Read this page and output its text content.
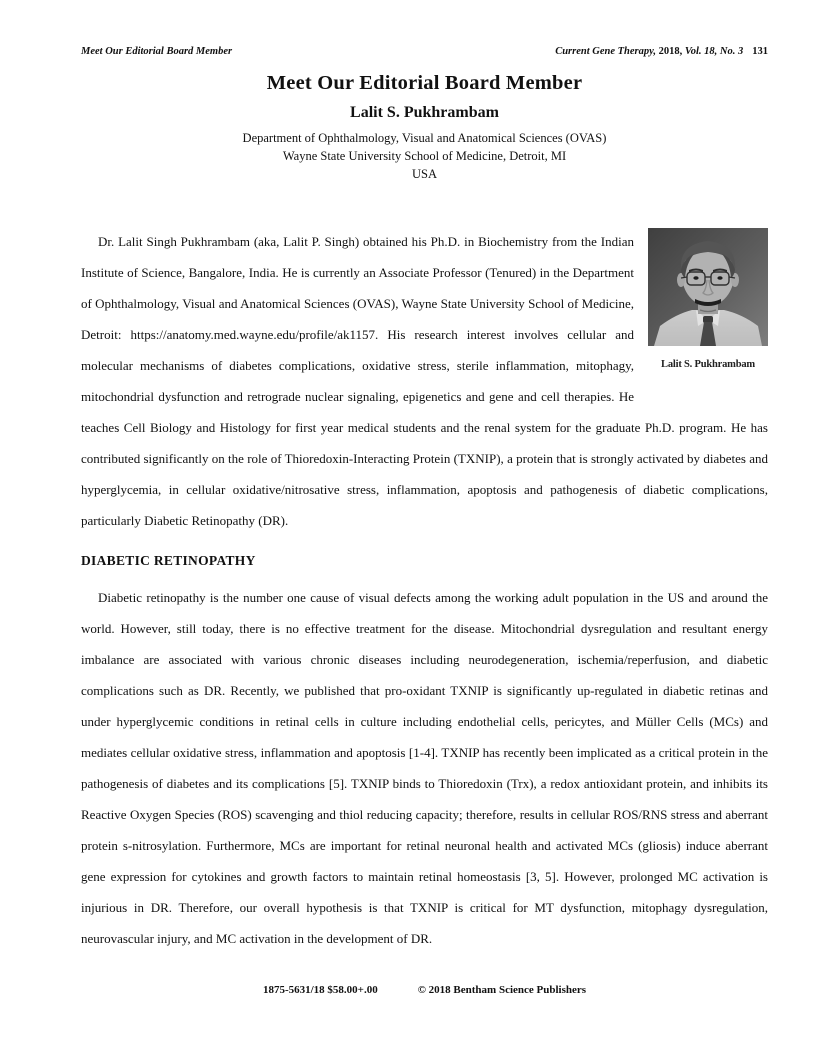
Meet Our Editorial Board Member	Current Gene Therapy, 2018, Vol. 18, No. 3 131
Meet Our Editorial Board Member
Lalit S. Pukhrambam
Department of Ophthalmology, Visual and Anatomical Sciences (OVAS)
Wayne State University School of Medicine, Detroit, MI
USA

Lalit S. Pukhrambam
Dr. Lalit Singh Pukhrambam (aka, Lalit P. Singh) obtained his Ph.D. in Biochemistry from the Indian Institute of Science, Bangalore, India. He is currently an Associate Professor (Tenured) in the Department of Ophthalmology, Visual and Anatomical Sciences (OVAS), Wayne State University School of Medicine, Detroit: https://anatomy.med.wayne.edu/profile/ak1157. His research interest involves cellular and molecular mechanisms of diabetes complications, oxidative stress, sterile inflammation, mitophagy, mitochondrial dysfunction and retrograde nuclear signaling, epigenetics and gene and cell therapies. He teaches Cell Biology and Histology for first year medical students and the renal system for the graduate Ph.D. program. He has contributed significantly on the role of Thioredoxin-Interacting Protein (TXNIP), a protein that is strongly activated by diabetes and hyperglycemia, in cellular oxidative/nitrosative stress, inflammation, apoptosis and pathogenesis of diabetic complications, particularly Diabetic Retinopathy (DR).

DIABETIC RETINOPATHY

Diabetic retinopathy is the number one cause of visual defects among the working adult population in the US and around the world. However, still today, there is no effective treatment for the disease. Mitochondrial dysregulation and resultant energy imbalance are associated with various chronic diseases including neurodegeneration, ischemia/reperfusion, and diabetic complications such as DR. Recently, we published that pro-oxidant TXNIP is significantly up-regulated in diabetic retinas and under hyperglycemic conditions in retinal cells in culture including endothelial cells, pericytes, and Müller Cells (MCs) and mediates cellular oxidative stress, inflammation and apoptosis [1-4]. TXNIP has recently been implicated as a critical protein in the pathogenesis of diabetes and its complications [5]. TXNIP binds to Thioredoxin (Trx), a redox antioxidant protein, and inhibits its Reactive Oxygen Species (ROS) scavenging and thiol reducing capacity; therefore, results in cellular ROS/RNS stress and aberrant protein s-nitrosylation. Furthermore, MCs are important for retinal neuronal health and activated MCs (gliosis) induce aberrant gene expression for cytokines and growth factors to maintain retinal homeostasis [3, 5]. However, prolonged MC activation is injurious in DR. Therefore, our overall hypothesis is that TXNIP is critical for MT dysfunction, mitophagy dysregulation, neurovascular injury, and MC activation in the development of DR.

1875-5631/18 $58.00+.00	© 2018 Bentham Science Publishers
